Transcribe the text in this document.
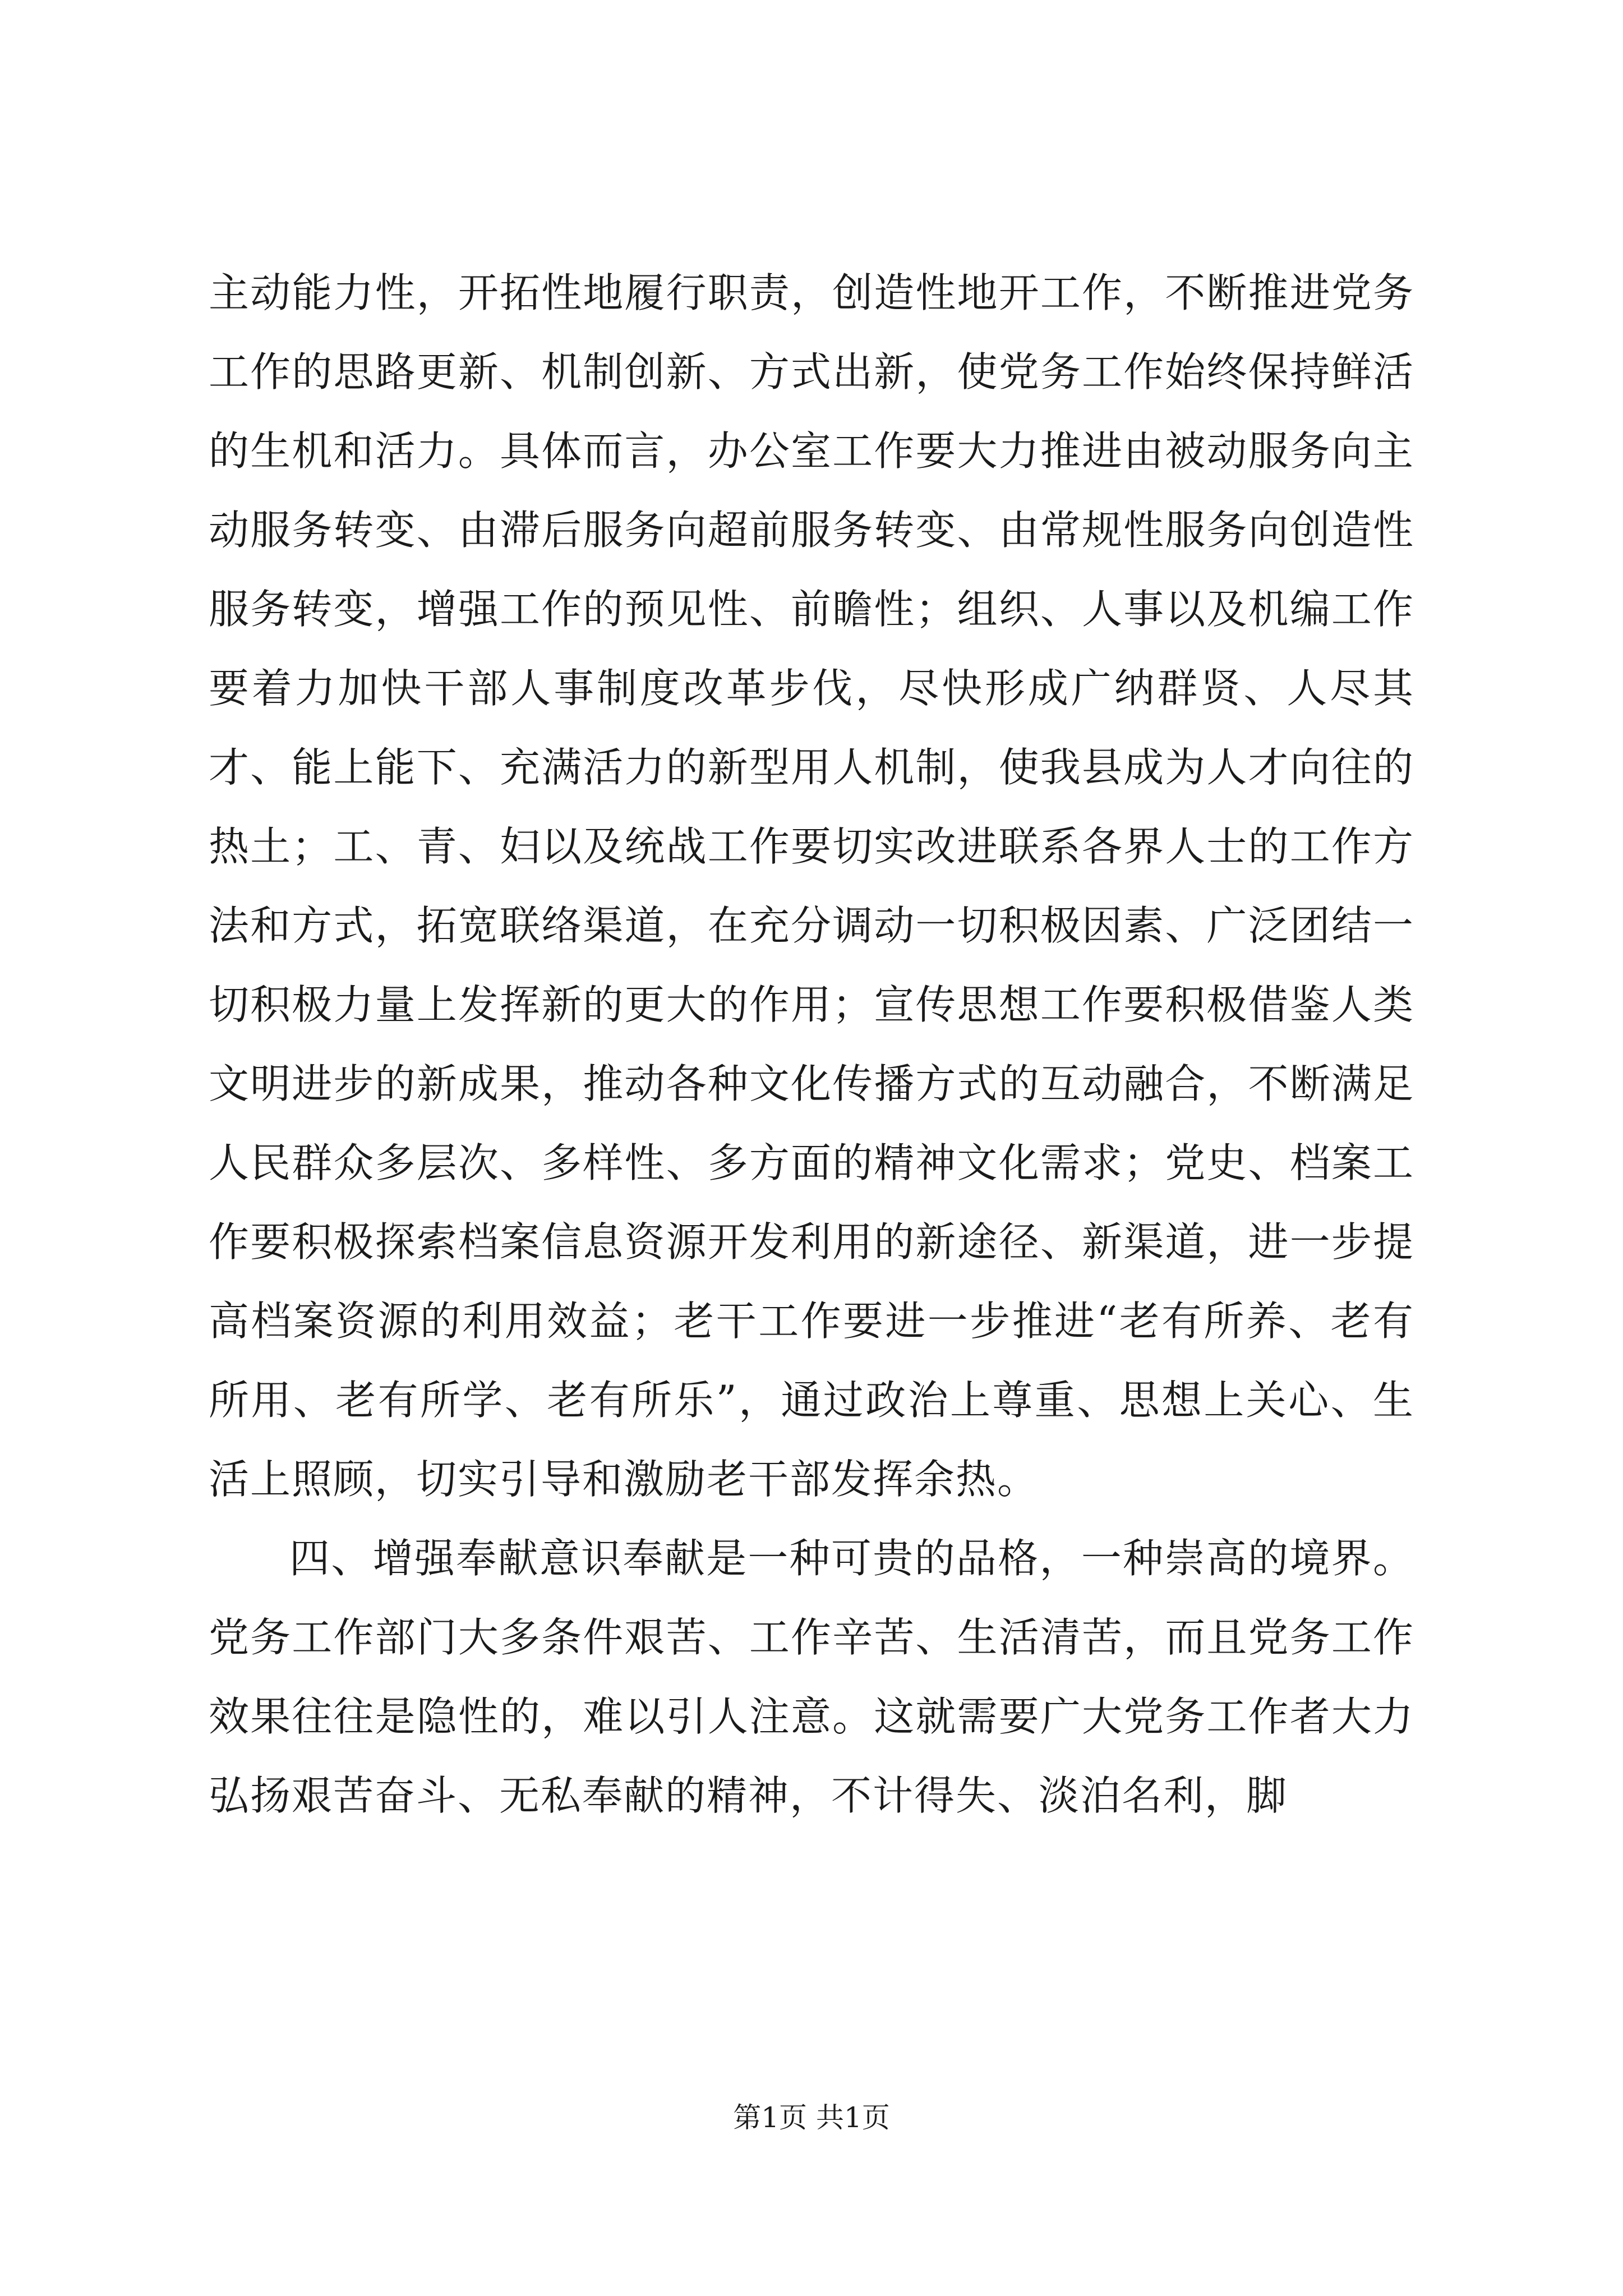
主动能力性，开拓性地履行职责，创造性地开工作，不断推进党务工作的思路更新、机制创新、方式出新，使党务工作始终保持鲜活的生机和活力。具体而言，办公室工作要大力推进由被动服务向主动服务转变、由滞后服务向超前服务转变、由常规性服务向创造性服务转变，增强工作的预见性、前瞻性；组织、人事以及机编工作要着力加快干部人事制度改革步伐，尽快形成广纳群贤、人尽其才、能上能下、充满活力的新型用人机制，使我县成为人才向往的热土；工、青、妇以及统战工作要切实改进联系各界人士的工作方法和方式，拓宽联络渠道，在充分调动一切积极因素、广泛团结一切积极力量上发挥新的更大的作用；宣传思想工作要积极借鉴人类文明进步的新成果，推动各种文化传播方式的互动融合，不断满足人民群众多层次、多样性、多方面的精神文化需求；党史、档案工作要积极探索档案信息资源开发利用的新途径、新渠道，进一步提高档案资源的利用效益；老干工作要进一步推进“老有所养、老有所用、老有所学、老有所乐”，通过政治上尊重、思想上关心、生活上照顾，切实引导和激励老干部发挥余热。

四、增强奉献意识奉献是一种可贵的品格，一种崇高的境界。党务工作部门大多条件艰苦、工作辛苦、生活清苦，而且党务工作效果往往是隐性的，难以引人注意。这就需要广大党务工作者大力弘扬艰苦奋斗、无私奉献的精神，不计得失、淡泊名利，脚

第1页 共1页
